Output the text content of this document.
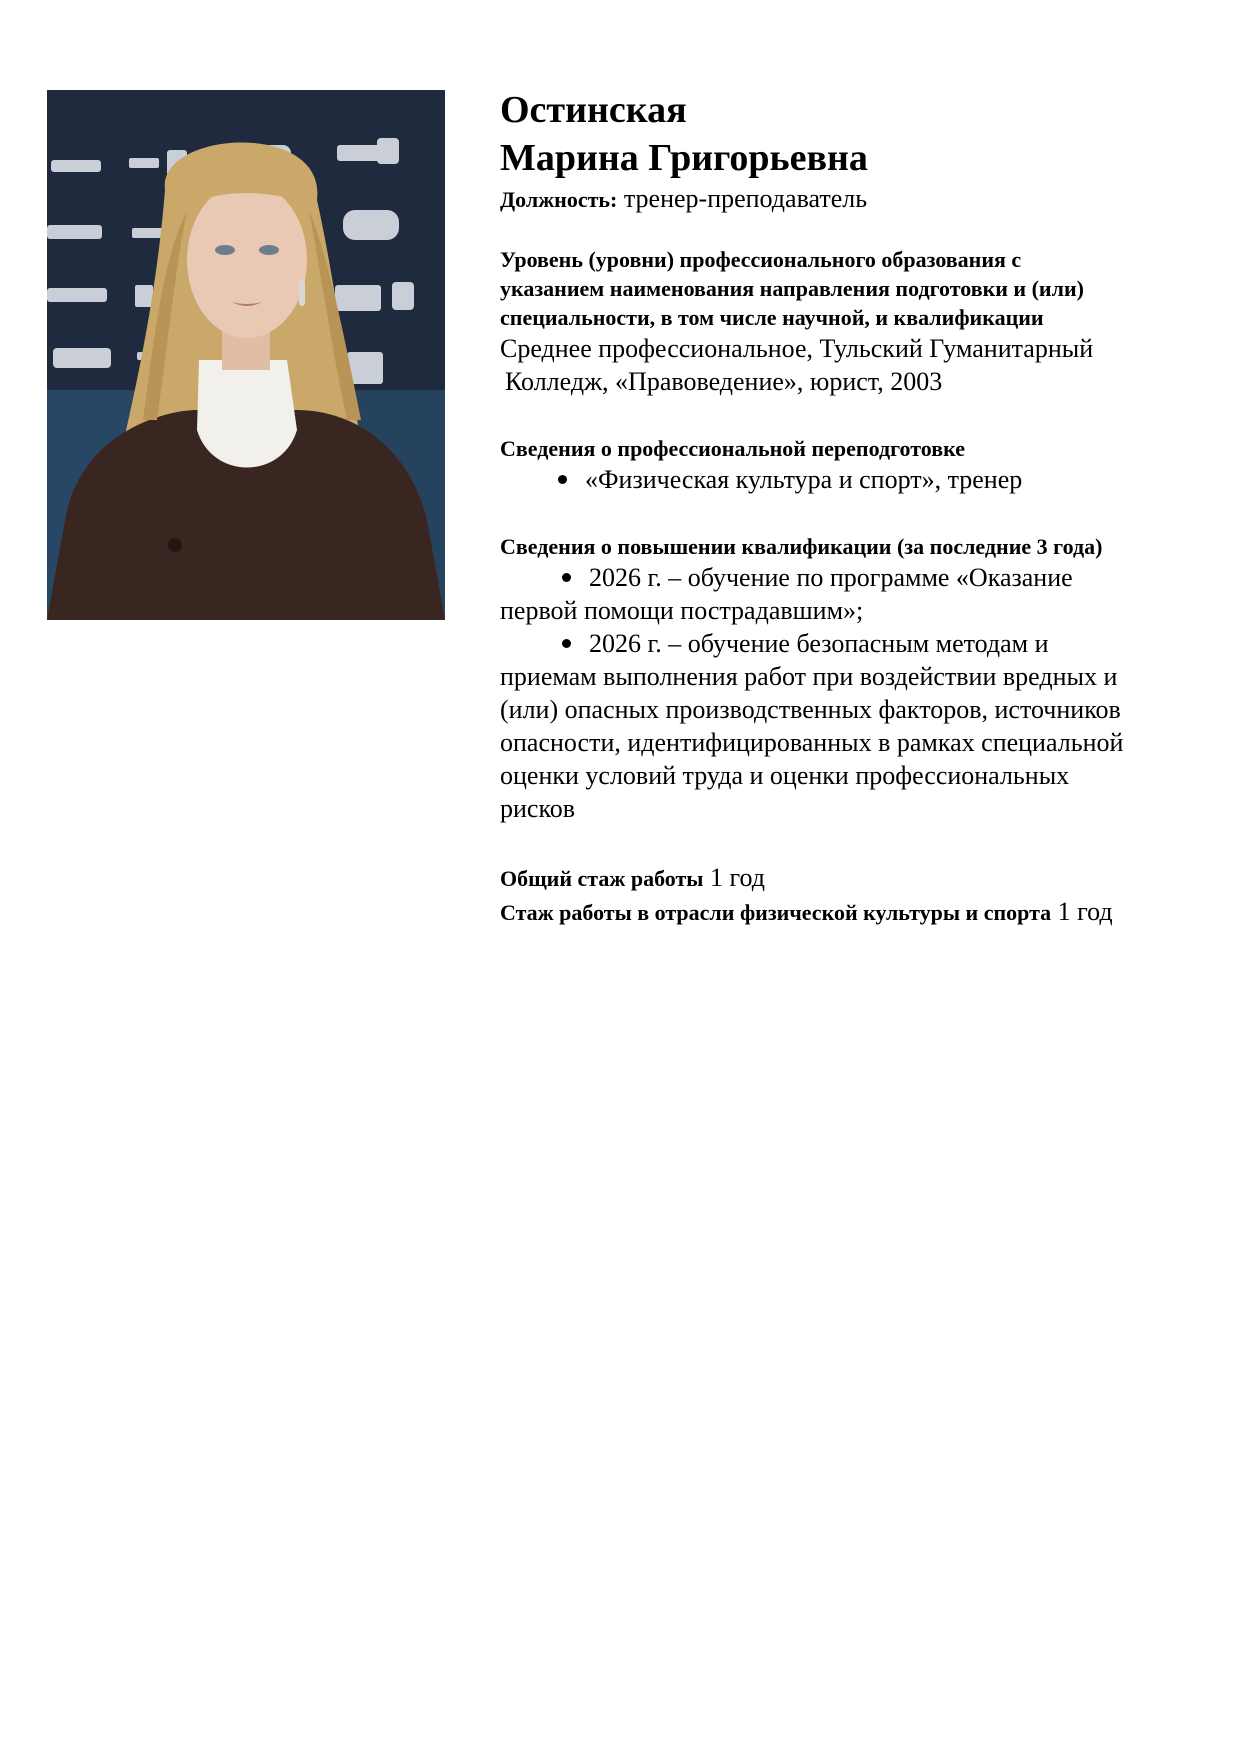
Остинская
Марина Григорьевна
Должность: тренер-преподаватель
Уровень (уровни) профессионального образования с
указанием наименования направления подготовки и (или)
специальности, в том числе научной, и квалификации
Среднее профессиональное, Тульский Гуманитарный
Колледж, «Правоведение», юрист, 2003
Сведения о профессиональной переподготовке
«Физическая культура и спорт», тренер
Сведения о повышении квалификации (за последние 3 года)
2026 г. – обучение по программе «Оказание
первой помощи пострадавшим»;
2026 г. – обучение безопасным методам и
приемам выполнения работ при воздействии вредных и
(или) опасных производственных факторов, источников
опасности, идентифицированных в рамках специальной
оценки условий труда и оценки профессиональных
рисков
Общий стаж работы 1 год
Стаж работы в отрасли физической культуры и спорта 1 год
